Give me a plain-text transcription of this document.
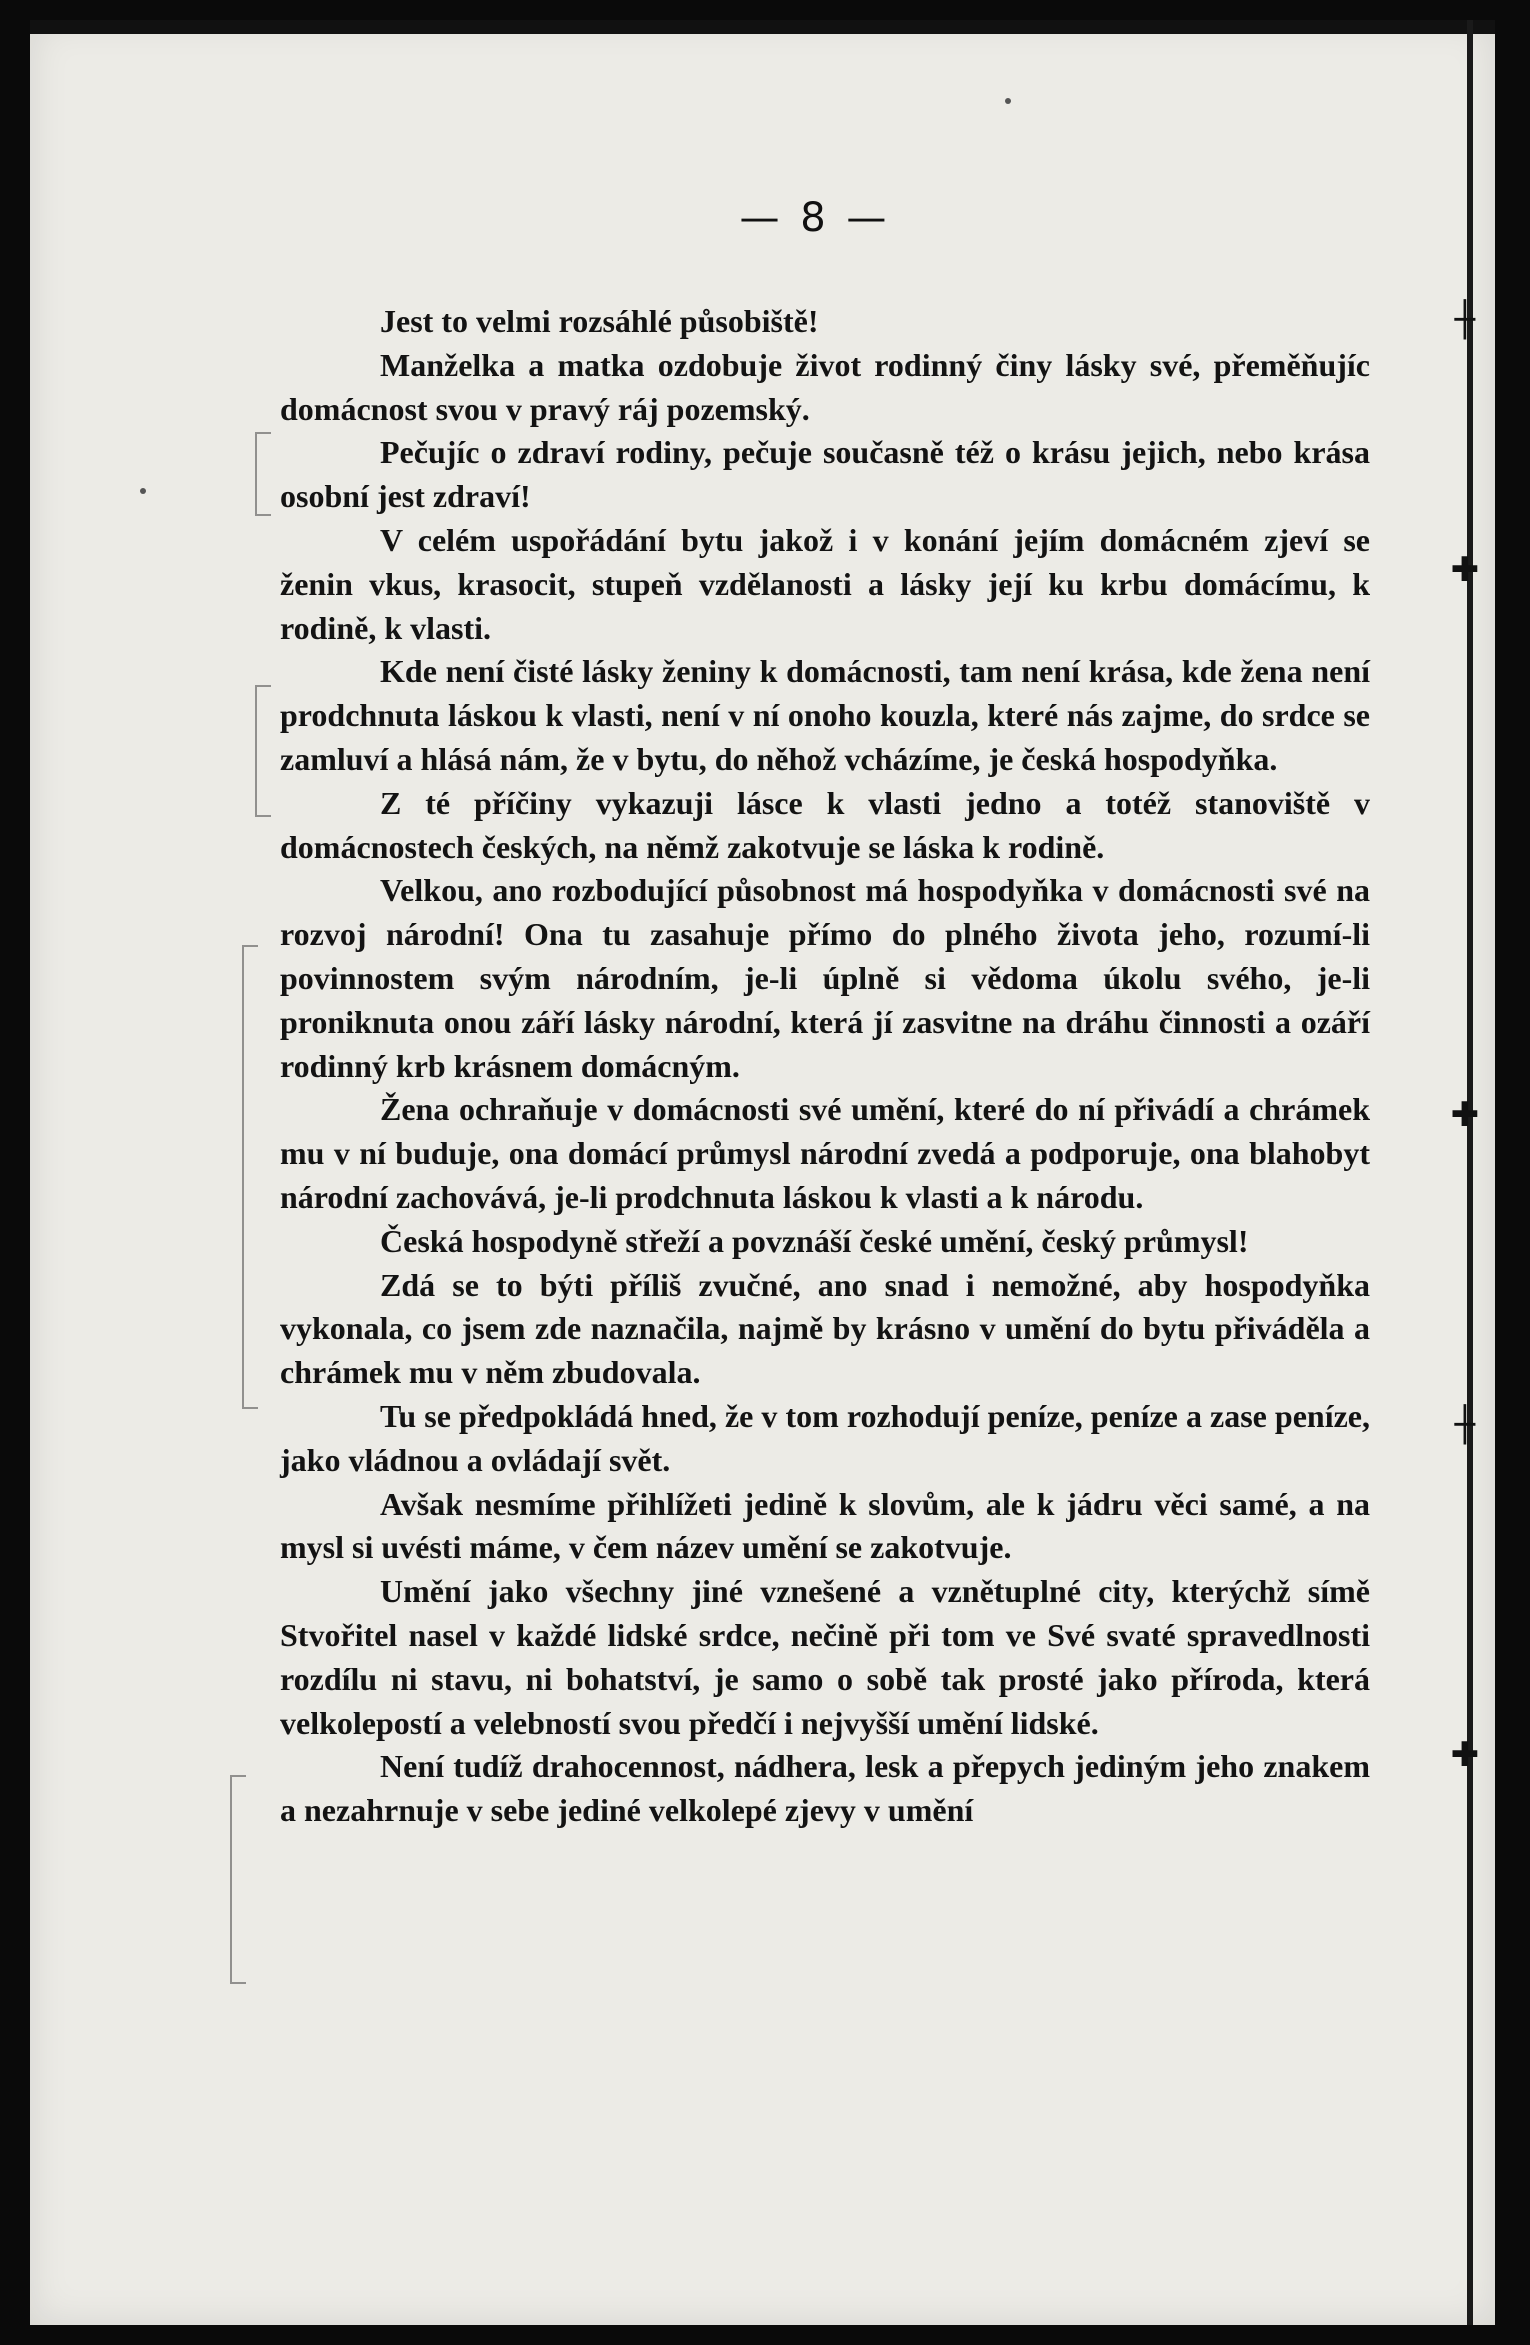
┼
✚
✚
┼
✚
— 8 —

Jest to velmi rozsáhlé působiště!

Manželka a matka ozdobuje život rodinný činy lásky své, přeměňujíc domácnost svou v pravý ráj pozemský.

Pečujíc o zdraví rodiny, pečuje současně též o krásu jejich, nebo krása osobní jest zdraví!

V celém uspořádání bytu jakož i v konání jejím domácném zjeví se ženin vkus, krasocit, stupeň vzdělanosti a lásky její ku krbu domácímu, k rodině, k vlasti.

Kde není čisté lásky ženiny k domácnosti, tam není krása, kde žena není prodchnuta láskou k vlasti, není v ní onoho kouzla, které nás zajme, do srdce se zamluví a hlásá nám, že v bytu, do něhož vcházíme, je česká hospodyňka.

Z té příčiny vykazuji lásce k vlasti jedno a totéž stanoviště v domácnostech českých, na němž zakotvuje se láska k rodině.

Velkou, ano rozbodující působnost má hospodyňka v domácnosti své na rozvoj národní! Ona tu zasahuje přímo do plného života jeho, rozumí-li povinnostem svým národním, je-li úplně si vědoma úkolu svého, je-li proniknuta onou září lásky národní, která jí zasvitne na dráhu činnosti a ozáří rodinný krb krásnem domácným.

Žena ochraňuje v domácnosti své umění, které do ní přivádí a chrámek mu v ní buduje, ona domácí průmysl národní zvedá a podporuje, ona blahobyt národní zachovává, je-li prodchnuta láskou k vlasti a k národu.

Česká hospodyně střeží a povznáší české umění, český průmysl!

Zdá se to býti příliš zvučné, ano snad i nemožné, aby hospodyňka vykonala, co jsem zde naznačila, najmě by krásno v umění do bytu přiváděla a chrámek mu v něm zbudovala.

Tu se předpokládá hned, že v tom rozhodují peníze, peníze a zase peníze, jako vládnou a ovládají svět.

Avšak nesmíme přihlížeti jedině k slovům, ale k jádru věci samé, a na mysl si uvésti máme, v čem název umění se zakotvuje.

Umění jako všechny jiné vznešené a vznětuplné city, kterýchž símě Stvořitel nasel v každé lidské srdce, nečině při tom ve Své svaté spravedlnosti rozdílu ni stavu, ni bohatství, je samo o sobě tak prosté jako příroda, která velkolepostí a velebností svou předčí i nejvyšší umění lidské.

Není tudíž drahocennost, nádhera, lesk a přepych jediným jeho znakem a nezahrnuje v sebe jediné velkolepé zjevy v umění
